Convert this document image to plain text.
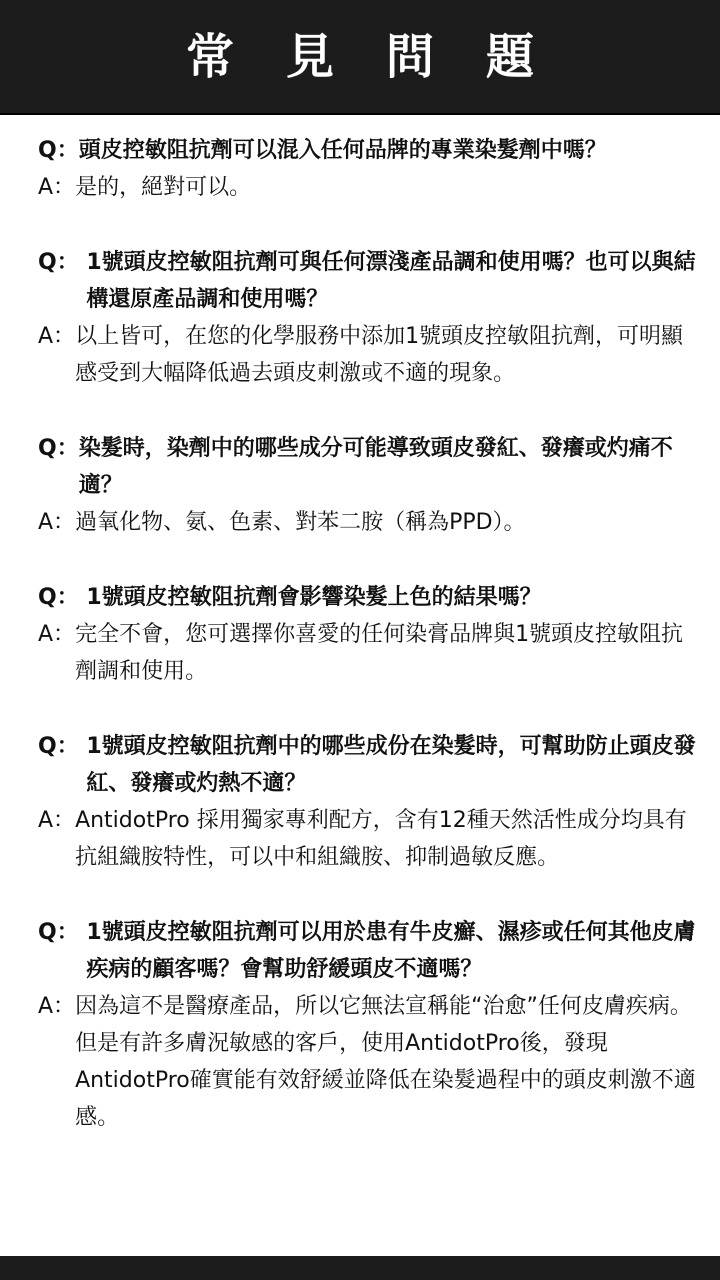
常見問題
Q： 頭皮控敏阻抗劑可以混入任何品牌的專業染髮劑中嗎？
A： 是的，絕對可以。
Q： 1號頭皮控敏阻抗劑可與任何漂淺產品調和使用嗎？也可以與結構還原產品調和使用嗎？
A： 以上皆可，在您的化學服務中添加1號頭皮控敏阻抗劑，可明顯感受到大幅降低過去頭皮刺激或不適的現象。
Q： 染髮時，染劑中的哪些成分可能導致頭皮發紅、發癢或灼痛不適？
A： 過氧化物、氨、色素、對苯二胺（稱為PPD）。
Q： 1號頭皮控敏阻抗劑會影響染髮上色的結果嗎？
A： 完全不會，您可選擇你喜愛的任何染膏品牌與1號頭皮控敏阻抗劑調和使用。
Q： 1號頭皮控敏阻抗劑中的哪些成份在染髮時，可幫助防止頭皮發紅、發癢或灼熱不適？
A： AntidotPro 採用獨家專利配方，含有12種天然活性成分均具有抗組織胺特性，可以中和組織胺、抑制過敏反應。
Q： 1號頭皮控敏阻抗劑可以用於患有牛皮癬、濕疹或任何其他皮膚疾病的顧客嗎？會幫助舒緩頭皮不適嗎？
A： 因為這不是醫療產品，所以它無法宣稱能“治愈”任何皮膚疾病。
但是有許多膚況敏感的客戶，使用AntidotPro後，發現AntidotPro確實能有效舒緩並降低在染髮過程中的頭皮刺激不適感。
